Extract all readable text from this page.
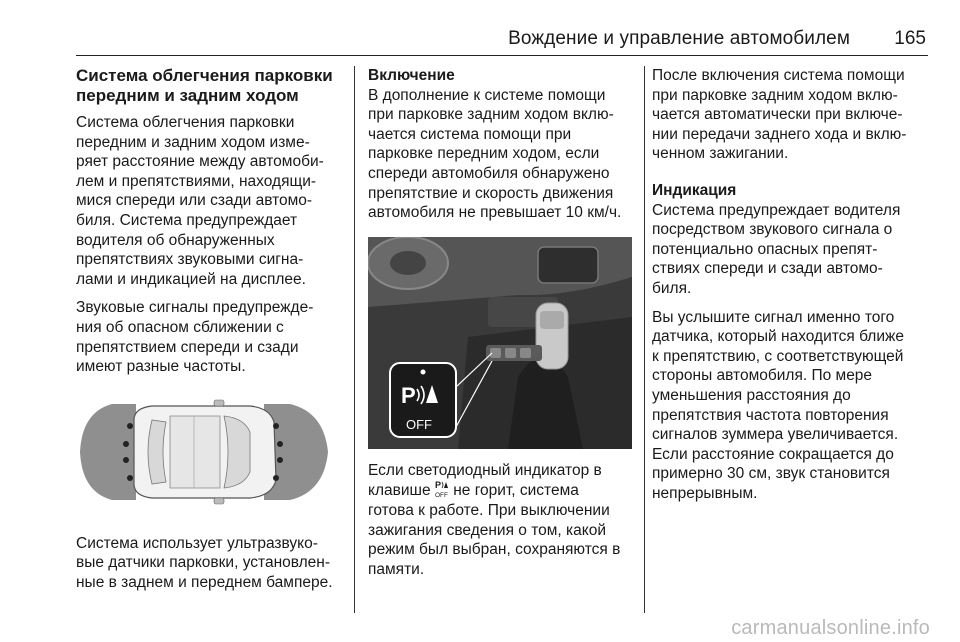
Вождение и управление автомобилем	165

Система облегчения парковки
передним и задним ходом

Система облегчения парковки
передним и задним ходом изме-
ряет расстояние между автомоби-
лем и препятствиями, находящи-
мися спереди или сзади автомо-
биля. Система предупреждает
водителя об обнаруженных
препятствиях звуковыми сигна-
лами и индикацией на дисплее.

Звуковые сигналы предупрежде-
ния об опасном сближении с
препятствием спереди и сзади
имеют разные частоты.

Система использует ультразвуко-
вые датчики парковки, установлен-
ные в заднем и переднем бампере.

Включение

В дополнение к системе помощи
при парковке задним ходом вклю-
чается система помощи при
парковке передним ходом, если
спереди автомобиля обнаружено
препятствие и скорость движения
автомобиля не превышает 10 км/ч.

P
OFF

Если светодиодный индикатор в
клавише P
OFF не горит, система
готова к работе. При выключении
зажигания сведения о том, какой
режим был выбран, сохраняются в
памяти.

После включения система помощи
при парковке задним ходом вклю-
чается автоматически при включе-
нии передачи заднего хода и вклю-
ченном зажигании.

Индикация

Система предупреждает водителя
посредством звукового сигнала о
потенциально опасных препят-
ствиях спереди и сзади автомо-
биля.

Вы услышите сигнал именно того
датчика, который находится ближе
к препятствию, с соответствующей
стороны автомобиля. По мере
уменьшения расстояния до
препятствия частота повторения
сигналов зуммера увеличивается.
Если расстояние сокращается до
примерно 30 см, звук становится
непрерывным.

carmanualsonline.info
